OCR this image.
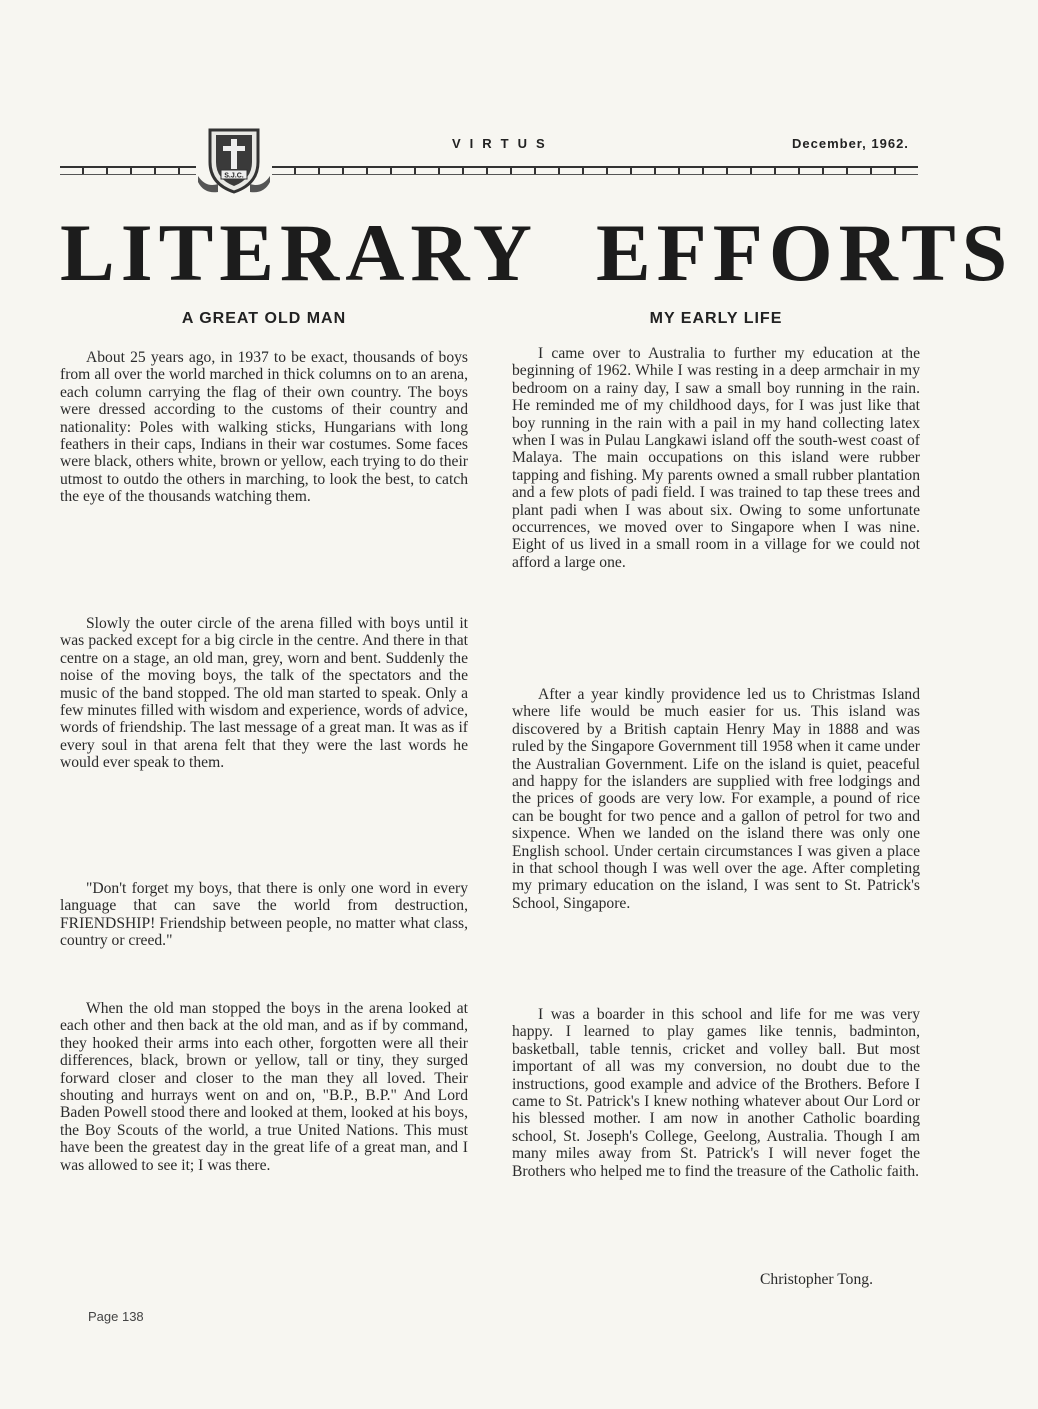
S.J.C.
VIRTUS	December, 1962.
LITERARY EFFORTS
A GREAT OLD MAN

About 25 years ago, in 1937 to be exact, thousands of boys from all over the world marched in thick columns on to an arena, each column carrying the flag of their own country. The boys were dressed according to the customs of their country and nationality: Poles with walking sticks, Hungarians with long feathers in their caps, Indians in their war costumes. Some faces were black, others white, brown or yellow, each trying to do their utmost to outdo the others in marching, to look the best, to catch the eye of the thousands watching them.

Slowly the outer circle of the arena filled with boys until it was packed except for a big circle in the centre. And there in that centre on a stage, an old man, grey, worn and bent. Suddenly the noise of the moving boys, the talk of the spectators and the music of the band stopped. The old man started to speak. Only a few minutes filled with wisdom and experience, words of advice, words of friendship. The last message of a great man. It was as if every soul in that arena felt that they were the last words he would ever speak to them.

"Don't forget my boys, that there is only one word in every language that can save the world from destruction, FRIENDSHIP! Friendship between people, no matter what class, country or creed."

When the old man stopped the boys in the arena looked at each other and then back at the old man, and as if by command, they hooked their arms into each other, forgotten were all their differences, black, brown or yellow, tall or tiny, they surged forward closer and closer to the man they all loved. Their shouting and hurrays went on and on, "B.P., B.P." And Lord Baden Powell stood there and looked at them, looked at his boys, the Boy Scouts of the world, a true United Nations. This must have been the greatest day in the great life of a great man, and I was allowed to see it; I was there.

MY EARLY LIFE

I came over to Australia to further my education at the beginning of 1962. While I was resting in a deep armchair in my bedroom on a rainy day, I saw a small boy running in the rain. He reminded me of my childhood days, for I was just like that boy running in the rain with a pail in my hand collecting latex when I was in Pulau Langkawi island off the south-west coast of Malaya. The main occupations on this island were rubber tapping and fishing. My parents owned a small rubber plantation and a few plots of padi field. I was trained to tap these trees and plant padi when I was about six. Owing to some unfortunate occurrences, we moved over to Singapore when I was nine. Eight of us lived in a small room in a village for we could not afford a large one.

After a year kindly providence led us to Christmas Island where life would be much easier for us. This island was discovered by a British captain Henry May in 1888 and was ruled by the Singapore Government till 1958 when it came under the Australian Government. Life on the island is quiet, peaceful and happy for the islanders are supplied with free lodgings and the prices of goods are very low. For example, a pound of rice can be bought for two pence and a gallon of petrol for two and sixpence. When we landed on the island there was only one English school. Under certain circumstances I was given a place in that school though I was well over the age. After completing my primary education on the island, I was sent to St. Patrick's School, Singapore.

I was a boarder in this school and life for me was very happy. I learned to play games like tennis, badminton, basketball, table tennis, cricket and volley ball. But most important of all was my conversion, no doubt due to the instructions, good example and advice of the Brothers. Before I came to St. Patrick's I knew nothing whatever about Our Lord or his blessed mother. I am now in another Catholic boarding school, St. Joseph's College, Geelong, Australia. Though I am many miles away from St. Patrick's I will never foget the Brothers who helped me to find the treasure of the Catholic faith.

Christopher Tong.
Page 138
